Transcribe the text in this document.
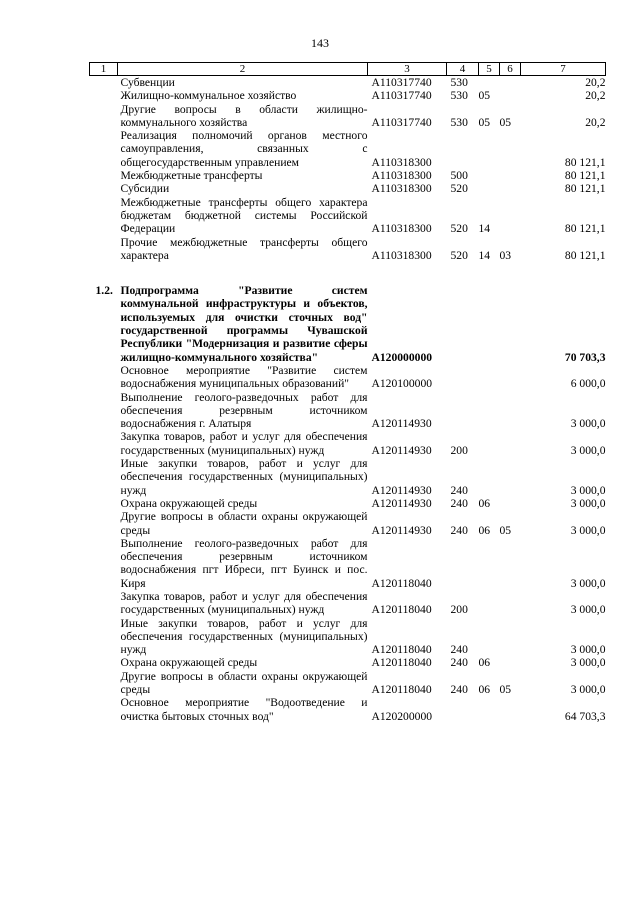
143
1	2	3	4	5	6	7
	Субвенции	А110317740	530			20,2
	Жилищно-коммунальное хозяйство	А110317740	530	05		20,2
	Другие вопросы в области жилищно-коммунального хозяйства	А110317740	530	05	05	20,2
	Реализация полномочий органов местного самоуправления, связанных с общегосударственным управлением	А110318300				80 121,1
	Межбюджетные трансферты	А110318300	500			80 121,1
	Субсидии	А110318300	520			80 121,1
	Межбюджетные трансферты общего характера бюджетам бюджетной системы Российской Федерации	А110318300	520	14		80 121,1
	Прочие межбюджетные трансферты общего характера	А110318300	520	14	03	80 121,1

1.2.	Подпрограмма "Развитие систем коммунальной инфраструктуры и объектов, используемых для очистки сточных вод" государственной программы Чувашской Республики "Модернизация и развитие сферы жилищно-коммунального хозяйства"	А120000000				70 703,3
	Основное мероприятие "Развитие систем водоснабжения муниципальных образований"	А120100000				6 000,0
	Выполнение геолого-разведочных работ для обеспечения резервным источником водоснабжения г. Алатыря	А120114930				3 000,0
	Закупка товаров, работ и услуг для обеспечения государственных (муниципальных) нужд	А120114930	200			3 000,0
	Иные закупки товаров, работ и услуг для обеспечения государственных (муниципальных) нужд	А120114930	240			3 000,0
	Охрана окружающей среды	А120114930	240	06		3 000,0
	Другие вопросы в области охраны окружающей среды	А120114930	240	06	05	3 000,0
	Выполнение геолого-разведочных работ для обеспечения резервным источником водоснабжения пгт Ибреси, пгт Буинск и пос. Киря	А120118040				3 000,0
	Закупка товаров, работ и услуг для обеспечения государственных (муниципальных) нужд	А120118040	200			3 000,0
	Иные закупки товаров, работ и услуг для обеспечения государственных (муниципальных) нужд	А120118040	240			3 000,0
	Охрана окружающей среды	А120118040	240	06		3 000,0
	Другие вопросы в области охраны окружающей среды	А120118040	240	06	05	3 000,0
	Основное мероприятие "Водоотведение и очистка бытовых сточных вод"	А120200000				64 703,3
